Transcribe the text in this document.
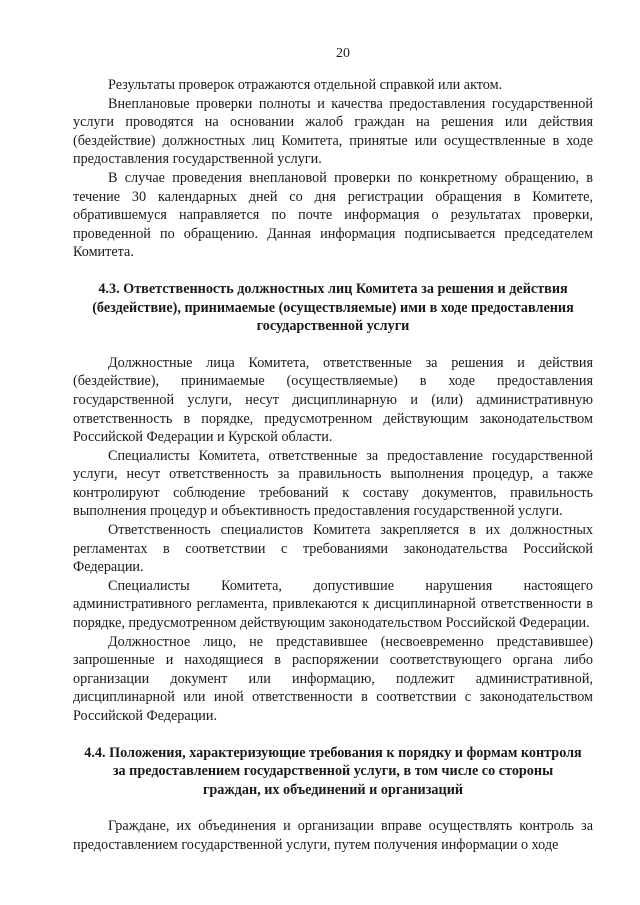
20

Результаты проверок отражаются отдельной справкой или актом.

Внеплановые проверки полноты и качества предоставления государственной услуги проводятся на основании жалоб граждан на решения или действия (бездействие) должностных лиц Комитета, принятые или осуществленные в ходе предоставления государственной услуги.

В случае проведения внеплановой проверки по конкретному обращению, в течение 30 календарных дней со дня регистрации обращения в Комитете, обратившемуся направляется по почте информация о результатах проверки, проведенной по обращению. Данная информация подписывается председателем Комитета.

4.3. Ответственность должностных лиц Комитета за решения и действия
(бездействие), принимаемые (осуществляемые) ими в ходе предоставления
государственной услуги

Должностные лица Комитета, ответственные за решения и действия (бездействие), принимаемые (осуществляемые) в ходе предоставления государственной услуги, несут дисциплинарную и (или) административную ответственность в порядке, предусмотренном действующим законодательством Российской Федерации и Курской области.

Специалисты Комитета, ответственные за предоставление государственной услуги, несут ответственность за правильность выполнения процедур, а также контролируют соблюдение требований к составу документов, правильность выполнения процедур и объективность предоставления государственной услуги.

Ответственность специалистов Комитета закрепляется в их должностных регламентах в соответствии с требованиями законодательства Российской Федерации.

Специалисты Комитета, допустившие нарушения настоящего административного регламента, привлекаются к дисциплинарной ответственности в порядке, предусмотренном действующим законодательством Российской Федерации.

Должностное лицо, не представившее (несвоевременно представившее) запрошенные и находящиеся в распоряжении соответствующего органа либо организации документ или информацию, подлежит административной, дисциплинарной или иной ответственности в соответствии с законодательством Российской Федерации.

4.4. Положения, характеризующие требования к порядку и формам контроля
за предоставлением государственной услуги, в том числе со стороны
граждан, их объединений и организаций

Граждане, их объединения и организации вправе осуществлять контроль за предоставлением государственной услуги, путем получения информации о ходе
